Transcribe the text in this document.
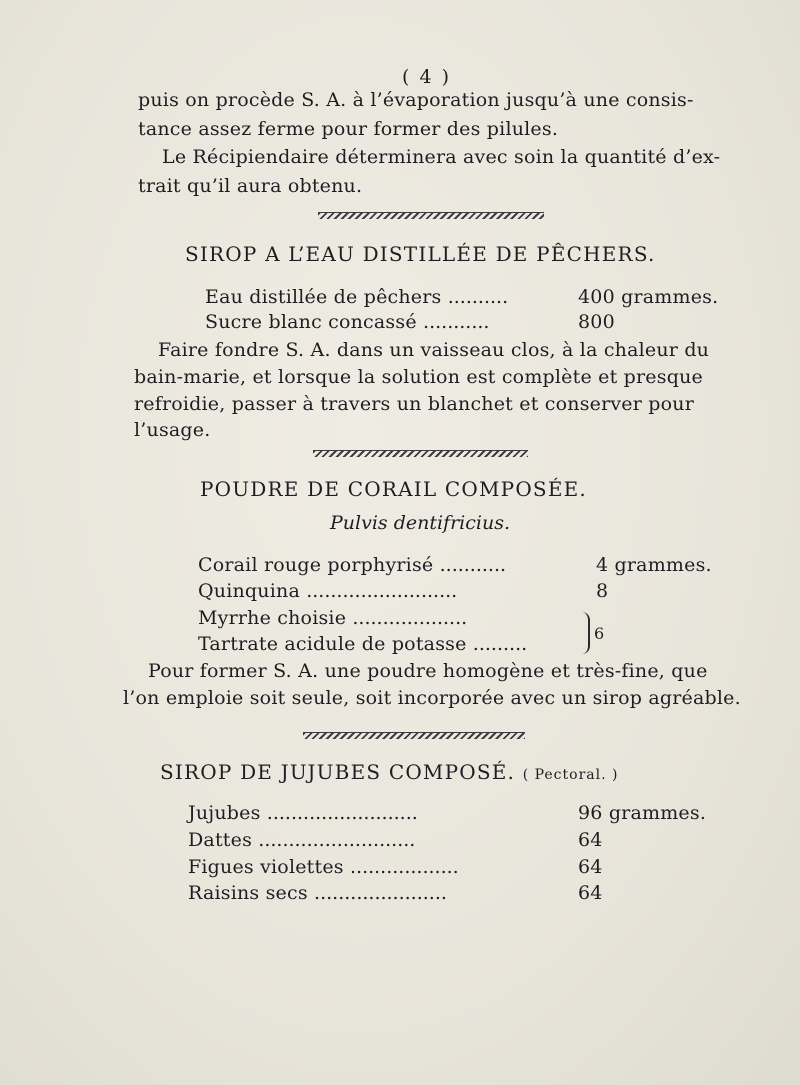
( 4 )
puis on procède S. A. à l’évaporation jusqu’à une consis-
tance assez ferme pour former des pilules.
Le Récipiendaire déterminera avec soin la quantité d’ex-
trait qu’il aura obtenu.
SIROP A L’EAU DISTILLÉE DE PÊCHERS.
Eau distillée de pêchers ..........	400 grammes.
Sucre blanc concassé ...........	800
Faire fondre S. A. dans un vaisseau clos, à la chaleur du
bain-marie, et lorsque la solution est complète et presque
refroidie, passer à travers un blanchet et conserver pour
l’usage.
POUDRE DE CORAIL COMPOSÉE.
Pulvis dentifricius.
Corail rouge porphyrisé ...........	4 grammes.
Quinquina .........................	8
Myrrhe choisie ...................
Tartrate acidule de potasse .........	6
Pour former S. A. une poudre homogène et très-fine, que
l’on emploie soit seule, soit incorporée avec un sirop agréable.
SIROP DE JUJUBES COMPOSÉ. ( Pectoral. )
Jujubes .........................	96 grammes.
Dattes ..........................	64
Figues violettes ..................	64
Raisins secs ......................	64
